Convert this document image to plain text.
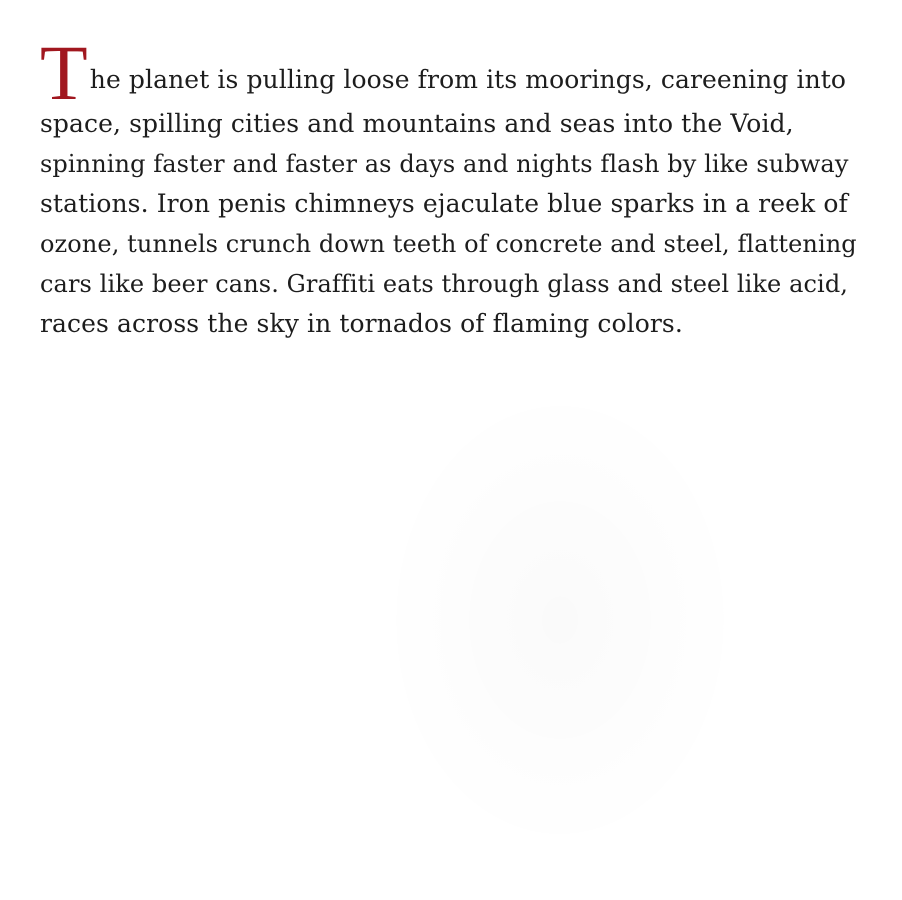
The planet is pulling loose from its moorings, careening into
space, spilling cities and mountains and seas into the Void,
spinning faster and faster as days and nights flash by like subway
stations. Iron penis chimneys ejaculate blue sparks in a reek of
ozone, tunnels crunch down teeth of concrete and steel, flattening
cars like beer cans. Graffiti eats through glass and steel like acid,
races across the sky in tornados of flaming colors.
